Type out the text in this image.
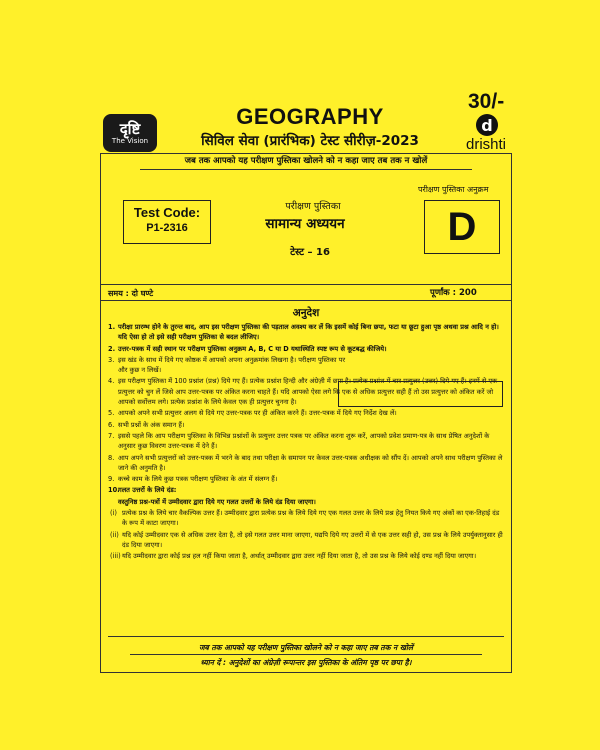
दृष्टि
The Vision
GEOGRAPHY
सिविल सेवा (प्रारंभिक) टेस्ट सीरीज़-2023
30/-
d
drishti
जब तक आपको यह परीक्षण पुस्तिका खोलने को न कहा जाए तब तक न खोलें
परीक्षण पुस्तिका अनुक्रम
Test Code:
P1-2316
परीक्षण पुस्तिका
सामान्य अध्ययन
टेस्ट – 16
D
समय : दो घण्टे	पूर्णांक : 200
अनुदेश
1. परीक्षा प्रारम्भ होने के तुरन्त बाद, आप इस परीक्षण पुस्तिका की पड़ताल अवश्य कर लें कि इसमें कोई बिना छपा, फटा या छूटा हुआ पृष्ठ अथवा प्रश्न आदि न हो। यदि ऐसा हो तो इसे सही परीक्षण पुस्तिका से बदल लीजिए।
2. उत्तर-पत्रक में सही स्थान पर परीक्षण पुस्तिका अनुक्रम A, B, C या D यथास्थिति स्पष्ट रूप से कूटबद्ध कीजिये।
3. इस खंड के साथ में दिये गए कोष्ठक में आपको अपना अनुक्रमांक लिखना है। परीक्षण पुस्तिका पर और कुछ न लिखें।
4. इस परीक्षण पुस्तिका में 100 प्रश्नांश (प्रश्न) दिये गए हैं। प्रत्येक प्रश्नांश हिन्दी और अंग्रेज़ी में छपा है। प्रत्येक प्रश्नांश में चार प्रत्युत्तर (उत्तर) दिये गए हैं। इनमें से एक प्रत्युत्तर को चुन लें जिसे आप उत्तर-पत्रक पर अंकित करना चाहते हैं। यदि आपको ऐसा लगे कि एक से अधिक प्रत्युत्तर सही हैं तो उस प्रत्युत्तर को अंकित करें जो आपको सर्वोत्तम लगे। प्रत्येक प्रश्नांश के लिये केवल एक ही प्रत्युत्तर चुनना है।
5. आपको अपने सभी प्रत्युत्तर अलग से दिये गए उत्तर-पत्रक पर ही अंकित करने हैं। उत्तर-पत्रक में दिये गए निर्देश देख लें।
6. सभी प्रश्नों के अंक समान हैं।
7. इससे पहले कि आप परीक्षण पुस्तिका के विभिन्न प्रश्नांशों के प्रत्युत्तर उत्तर पत्रक पर अंकित करना शुरू करें, आपको प्रवेश प्रमाण-पत्र के साथ प्रेषित अनुदेशों के अनुसार कुछ विवरण उत्तर-पत्रक में देने हैं।
8. आप अपने सभी प्रत्युत्तरों को उत्तर-पत्रक में भरने के बाद तथा परीक्षा के समापन पर केवल उत्तर-पत्रक अधीक्षक को सौंप दें। आपको अपने साथ परीक्षण पुस्तिका ले जाने की अनुमति है।
9. कच्चे काम के लिये कुछ पत्रक परीक्षण पुस्तिका के अंत में संलग्न हैं।
10.
गलत उत्तरों के लिये दंड:
वस्तुनिष्ठ प्रश्न-पत्रों में उम्मीदवार द्वारा दिये गए गलत उत्तरों के लिये दंड दिया जाएगा।
(i) प्रत्येक प्रश्न के लिये चार वैकल्पिक उत्तर हैं। उम्मीदवार द्वारा प्रत्येक प्रश्न के लिये दिये गए एक गलत उत्तर के लिये प्रश्न हेतु नियत किये गए अंकों का एक-तिहाई दंड के रूप में काटा जाएगा।
(ii) यदि कोई उम्मीदवार एक से अधिक उत्तर देता है, तो इसे गलत उत्तर माना जाएगा, यद्यपि दिये गए उत्तरों में से एक उत्तर सही हो, उस प्रश्न के लिये उपर्युक्तानुसार ही दंड दिया जाएगा।
(iii) यदि उम्मीदवार द्वारा कोई प्रश्न हल नहीं किया जाता है, अर्थात् उम्मीदवार द्वारा उत्तर नहीं दिया जाता है, तो उस प्रश्न के लिये कोई दण्ड नहीं दिया जाएगा।
जब तक आपको यह परीक्षण पुस्तिका खोलने को न कहा जाए तब तक न खोलें
ध्यान दें : अनुदेशों का अंग्रेज़ी रूपान्तर इस पुस्तिका के अंतिम पृष्ठ पर छपा है।
